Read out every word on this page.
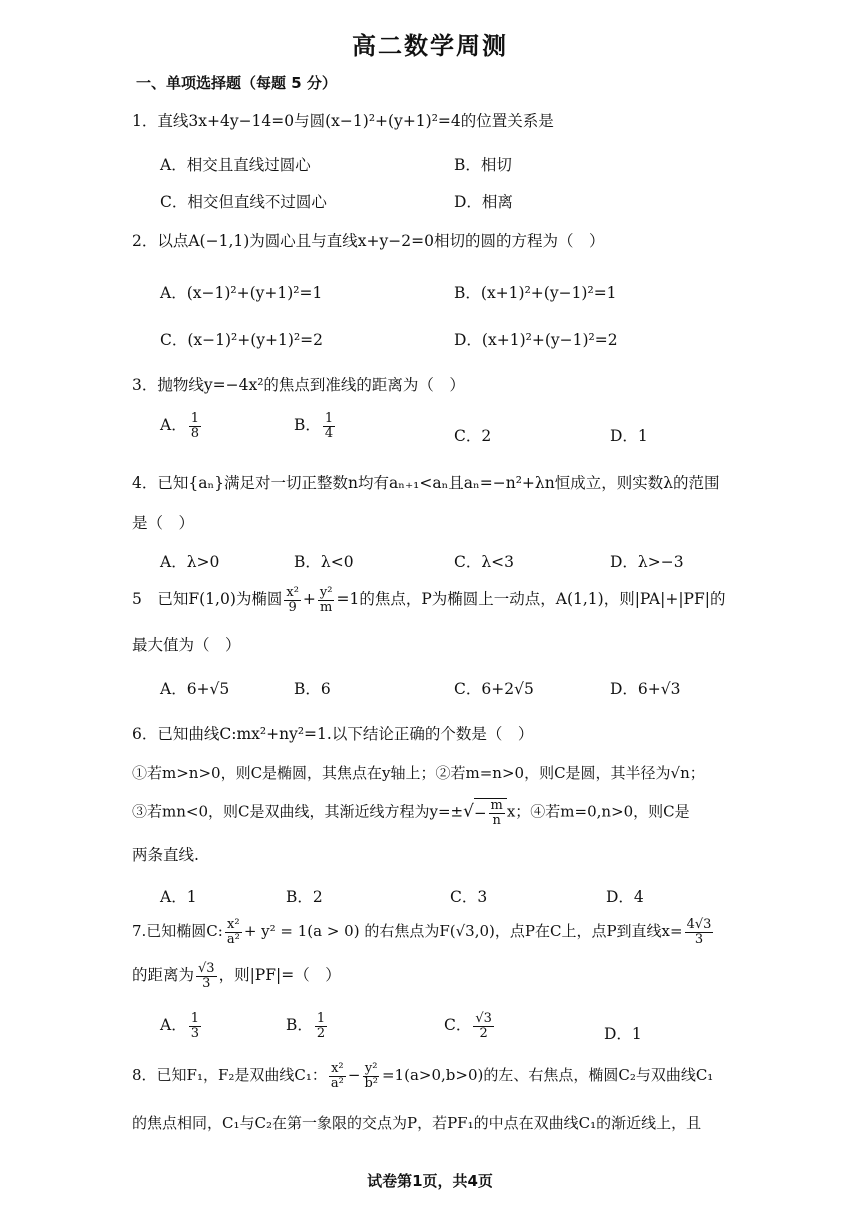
高二数学周测
一、单项选择题（每题 5 分）
1．直线3x+4y−14=0与圆(x−1)²+(y+1)²=4的位置关系是
A．相交且直线过圆心	B．相切
C．相交但直线不过圆心	D．相离
2．以点A(−1,1)为圆心且与直线x+y−2=0相切的圆的方程为（　）
A．(x−1)²+(y+1)²=1	B．(x+1)²+(y−1)²=1
C．(x−1)²+(y+1)²=2	D．(x+1)²+(y−1)²=2
3．抛物线y=−4x²的焦点到准线的距离为（　）
A． $\frac{1}{8}$	B． $\frac{1}{4}$	C．2	D．1
4．已知{aₙ}满足对一切正整数n均有aₙ₊₁<aₙ且aₙ=−n²+λn恒成立，则实数λ的范围
是（　）
A．λ>0	B．λ<0	C．λ<3	D．λ>−3
5　已知F(1,0)为椭圆 $\frac{\text{x²}}{9} + \frac{\text{y²}}{m} =1$的焦点，P为椭圆上一动点，A(1,1)，则|PA|+|PF|的
最大值为（　）
A．6+√5	B．6	C．6+2√5	D．6+√3
6．已知曲线C:mx²+ny²=1.以下结论正确的个数是（　）
①若m>n>0，则C是椭圆，其焦点在y轴上；②若m=n>0，则C是圆，其半径为√n；
③若mn<0，则C是双曲线，其渐近线方程为$y=\pm√- \frac{m}{n}$ x；④若m=0,n>0，则C是
两条直线.
A．1	B．2	C．3	D．4
7.已知椭圆C: $\frac{\text{x²}}{\text{a²}} + y^2 = 1(a > 0)$ 的右焦点为F(√3,0)，点P在C上，点P到直线$x= \frac{4√3}{3}$
的距离为 $\frac{√3}{3}$ ，则|PF|=（　）
A． $\frac{1}{3}$	B． $\frac{1}{2}$	C． $\frac{√3}{2}$	D．1
8．已知F₁，F₂是双曲线C₁： $\frac{\text{x²}}{\text{a²}} - \frac{\text{y²}}{\text{b²}} =1(a>0,b>0)$的左、右焦点，椭圆C₂与双曲线C₁
的焦点相同，C₁与C₂在第一象限的交点为P，若PF₁的中点在双曲线C₁的渐近线上，且
试卷第1页，共4页
